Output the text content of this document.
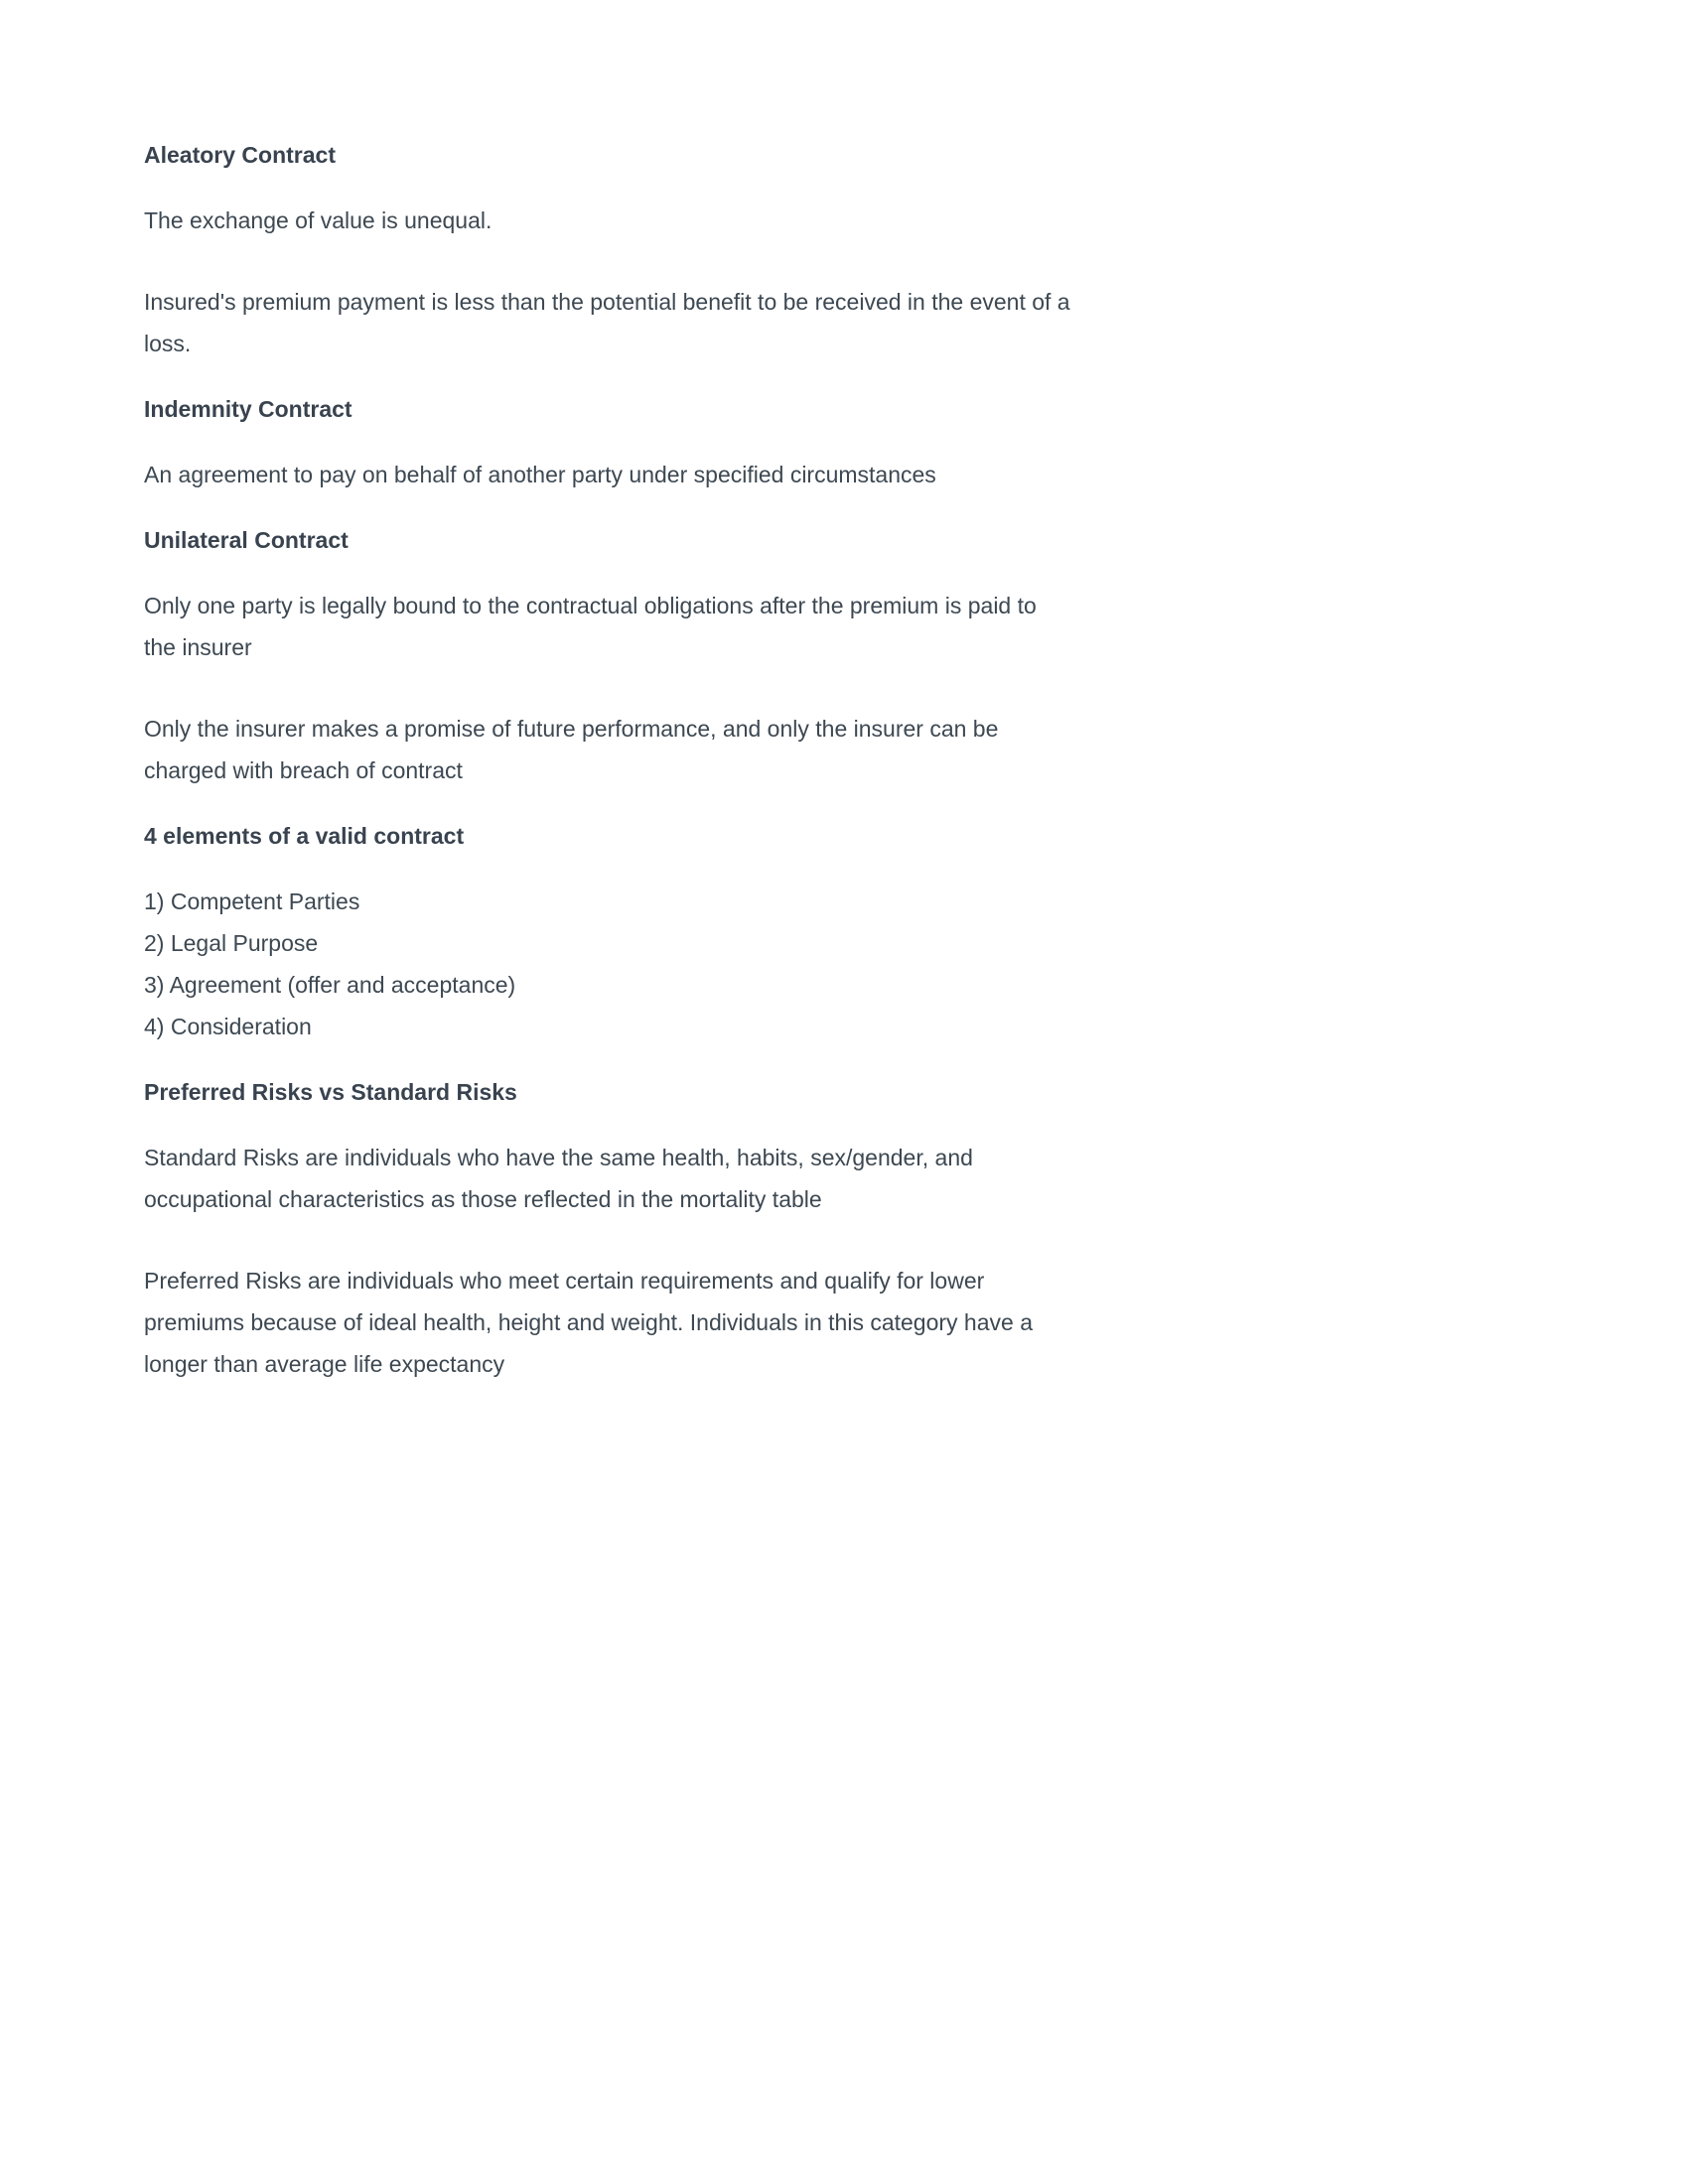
Aleatory Contract

The exchange of value is unequal.

Insured's premium payment is less than the potential benefit to be received in the event of a loss.

Indemnity Contract

An agreement to pay on behalf of another party under specified circumstances

Unilateral Contract

Only one party is legally bound to the contractual obligations after the premium is paid to the insurer

Only the insurer makes a promise of future performance, and only the insurer can be charged with breach of contract

4 elements of a valid contract
1) Competent Parties
2) Legal Purpose
3) Agreement (offer and acceptance)
4) Consideration
Preferred Risks vs Standard Risks

Standard Risks are individuals who have the same health, habits, sex/gender, and occupational characteristics as those reflected in the mortality table

Preferred Risks are individuals who meet certain requirements and qualify for lower premiums because of ideal health, height and weight. Individuals in this category have a longer than average life expectancy
